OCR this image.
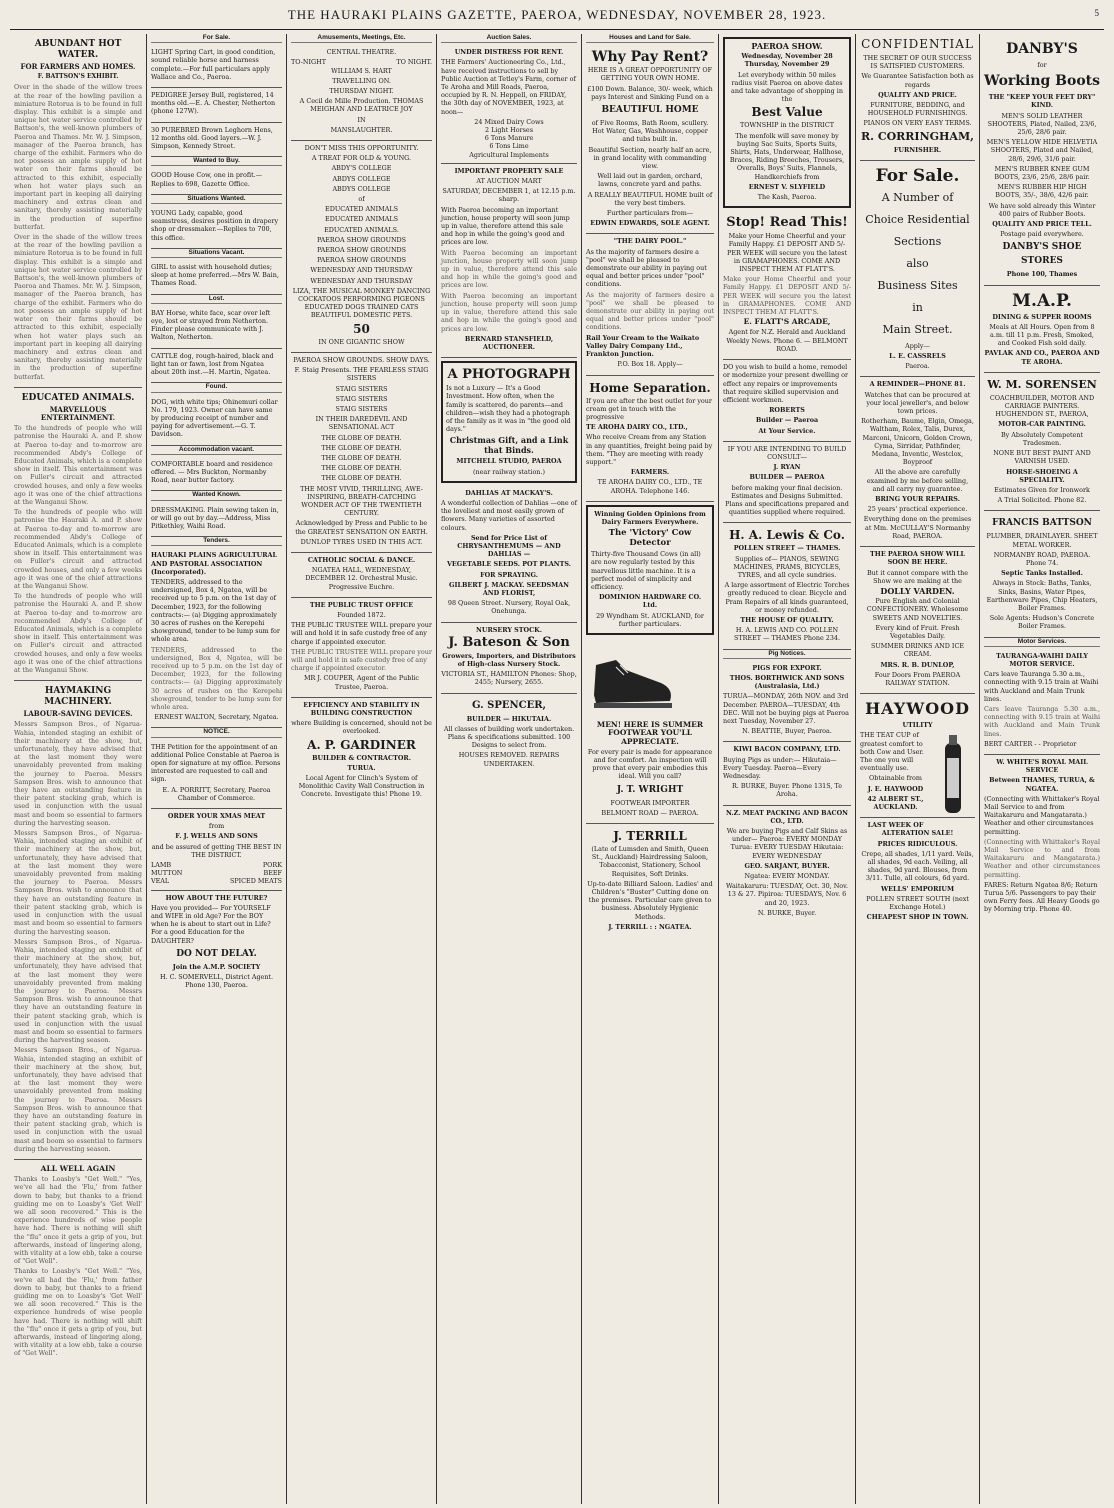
THE HAURAKI PLAINS GAZETTE, PAEROA, WEDNESDAY, NOVEMBER 28, 1923.	5
ABUNDANT HOT WATER.
FOR FARMERS AND HOMES.
F. BATTSON'S EXHIBIT.

Over in the shade of the willow trees at the rear of the bowling pavilion a miniature Rotorua is to be found in full display. This exhibit is a simple and unique hot water service controlled by Battson's, the well-known plumbers of Paeroa and Thames. Mr. W. J. Simpson, manager of the Paeroa branch, has charge of the exhibit. Farmers who do not possess an ample supply of hot water on their farms should be attracted to this exhibit, especially when hot water plays such an important part in keeping all dairying machinery and extras clean and sanitary, thereby assisting materially in the production of superfine butterfat.

Over in the shade of the willow trees at the rear of the bowling pavilion a miniature Rotorua is to be found in full display. This exhibit is a simple and unique hot water service controlled by Battson's, the well-known plumbers of Paeroa and Thames. Mr. W. J. Simpson, manager of the Paeroa branch, has charge of the exhibit. Farmers who do not possess an ample supply of hot water on their farms should be attracted to this exhibit, especially when hot water plays such an important part in keeping all dairying machinery and extras clean and sanitary, thereby assisting materially in the production of superfine butterfat.

EDUCATED ANIMALS.
MARVELLOUS ENTERTAINMENT.

To the hundreds of people who will patronise the Hauraki A. and P. show at Paeroa to-day and to-morrow are recommended Abdy's College of Educated Animals, which is a complete show in itself. This entertainment was on Fuller's circuit and attracted crowded houses, and only a few weeks ago it was one of the chief attractions at the Wanganui Show.

To the hundreds of people who will patronise the Hauraki A. and P. show at Paeroa to-day and to-morrow are recommended Abdy's College of Educated Animals, which is a complete show in itself. This entertainment was on Fuller's circuit and attracted crowded houses, and only a few weeks ago it was one of the chief attractions at the Wanganui Show.

To the hundreds of people who will patronise the Hauraki A. and P. show at Paeroa to-day and to-morrow are recommended Abdy's College of Educated Animals, which is a complete show in itself. This entertainment was on Fuller's circuit and attracted crowded houses, and only a few weeks ago it was one of the chief attractions at the Wanganui Show.

HAYMAKING MACHINERY.
LABOUR-SAVING DEVICES.

Messrs Sampson Bros., of Ngarua-Wahia, intended staging an exhibit of their machinery at the show, but, unfortunately, they have advised that at the last moment they were unavoidably prevented from making the journey to Paeroa. Messrs Sampson Bros. wish to announce that they have an outstanding feature in their patent stacking grab, which is used in conjunction with the usual mast and boom so essential to farmers during the harvesting season.

Messrs Sampson Bros., of Ngarua-Wahia, intended staging an exhibit of their machinery at the show, but, unfortunately, they have advised that at the last moment they were unavoidably prevented from making the journey to Paeroa. Messrs Sampson Bros. wish to announce that they have an outstanding feature in their patent stacking grab, which is used in conjunction with the usual mast and boom so essential to farmers during the harvesting season.

Messrs Sampson Bros., of Ngarua-Wahia, intended staging an exhibit of their machinery at the show, but, unfortunately, they have advised that at the last moment they were unavoidably prevented from making the journey to Paeroa. Messrs Sampson Bros. wish to announce that they have an outstanding feature in their patent stacking grab, which is used in conjunction with the usual mast and boom so essential to farmers during the harvesting season.

Messrs Sampson Bros., of Ngarua-Wahia, intended staging an exhibit of their machinery at the show, but, unfortunately, they have advised that at the last moment they were unavoidably prevented from making the journey to Paeroa. Messrs Sampson Bros. wish to announce that they have an outstanding feature in their patent stacking grab, which is used in conjunction with the usual mast and boom so essential to farmers during the harvesting season.

ALL WELL AGAIN

Thanks to Loasby's "Get Well." "Yes, we've all had the 'Flu,' from father down to baby, but thanks to a friend guiding me on to Loasby's 'Get Well' we all soon recovered." This is the experience hundreds of wise people have had. There is nothing will shift the "flu" once it gets a grip of you, but afterwards, instead of lingering along, with vitality at a low ebb, take a course of "Get Well".

Thanks to Loasby's "Get Well." "Yes, we've all had the 'Flu,' from father down to baby, but thanks to a friend guiding me on to Loasby's 'Get Well' we all soon recovered." This is the experience hundreds of wise people have had. There is nothing will shift the "flu" once it gets a grip of you, but afterwards, instead of lingering along, with vitality at a low ebb, take a course of "Get Well".

For Sale.

LIGHT Spring Cart, in good condition, sound reliable horse and harness complete.—For full particulars apply Wallace and Co., Paeroa.

PEDIGREE Jersey Bull, registered, 14 months old.—E. A. Chester, Netherton (phone 127W).

30 PUREBRED Brown Leghorn Hens, 12 months old. Good layers.—W. J. Simpson, Kennedy Street.

Wanted to Buy.

GOOD House Cow, one in profit.— Replies to 698, Gazette Office.

Situations Wanted.

YOUNG Lady, capable, good seamstress, desires position in drapery shop or dressmaker.—Replies to 700, this office.

Situations Vacant.

GIRL to assist with household duties; sleep at home preferred.—Mrs W. Bain, Thames Road.

Lost.

BAY Horse, white face, scar over left eye, lost or strayed from Netherton. Finder please communicate with J. Walton, Netherton.

CATTLE dog, rough-haired, black and light tan or fawn, lost from Ngatea about 20th inst.—H. Martin, Ngatea.

Found.

DOG, with white tips; Ohinemuri collar No. 179, 1923. Owner can have same by producing receipt of number and paying for advertisement.—G. T. Davidson.

Accommodation vacant.

COMFORTABLE board and residence offered. — Mrs Buckton, Normanby Road, near butter factory.

Wanted Known.

DRESSMAKING. Plain sewing taken in, or will go out by day.—Address, Miss Pitkethley, Waihi Road.

Tenders.

HAURAKI PLAINS AGRICULTURAL AND PASTORAL ASSOCIATION (Incorporated).

TENDERS, addressed to the undersigned, Box 4, Ngatea, will be received up to 5 p.m. on the 1st day of December, 1923, for the following contracts:— (a) Digging approximately 30 acres of rushes on the Kerepehi showground, tender to be lump sum for whole area.

TENDERS, addressed to the undersigned, Box 4, Ngatea, will be received up to 5 p.m. on the 1st day of December, 1923, for the following contracts:— (a) Digging approximately 30 acres of rushes on the Kerepehi showground, tender to be lump sum for whole area.

ERNEST WALTON, Secretary, Ngatea.

NOTICE.

THE Petition for the appointment of an additional Police Constable at Paeroa is open for signature at my office. Persons interested are requested to call and sign.

E. A. PORRITT, Secretary, Paeroa Chamber of Commerce.

ORDER YOUR XMAS MEAT

from

F. J. WELLS AND SONS

and be assured of getting THE BEST IN THE DISTRICT.

LAMB	PORK
MUTTON	BEEF
VEAL	SPICED MEATS

HOW ABOUT THE FUTURE?

Have you provided— For YOURSELF and WIFE in old Age? For the BOY when he is about to start out in Life? For a good Education for the DAUGHTER?

DO NOT DELAY.

Join the A.M.P. SOCIETY

H. C. SOMERVELL, District Agent. Phone 130, Paeroa.

Amusements, Meetings, Etc.

CENTRAL THEATRE.

TO-NIGHT	TO NIGHT.

WILLIAM S. HART

TRAVELLING ON.

THURSDAY NIGHT.

A Cecil de Mille Production. THOMAS MEIGHAN AND LEATRICE JOY

IN

MANSLAUGHTER.

DON'T MISS THIS OPPORTUNITY.

A TREAT FOR OLD & YOUNG.

ABDY'S COLLEGE

ABDYS COLLEGE

ABDYS COLLEGE

of

EDUCATED ANIMALS

EDUCATED ANIMALS

EDUCATED ANIMALS.

PAEROA SHOW GROUNDS

PAEROA SHOW GROUNDS

PAEROA SHOW GROUNDS

WEDNESDAY AND THURSDAY

WEDNESDAY AND THURSDAY

LIZA, THE MUSICAL MONKEY DANCING COCKATOOS PERFORMING PIGEONS EDUCATED DOGS TRAINED CATS BEAUTIFUL DOMESTIC PETS.

50

IN ONE GIGANTIC SHOW

PAEROA SHOW GROUNDS. SHOW DAYS.

F. Staig Presents. THE FEARLESS STAIG SISTERS

STAIG SISTERS

STAIG SISTERS

STAIG SISTERS

IN THEIR DAREDEVIL AND SENSATIONAL ACT

THE GLOBE OF DEATH.

THE GLOBE OF DEATH.

THE GLOBE OF DEATH.

THE GLOBE OF DEATH.

THE GLOBE OF DEATH.

THE MOST VIVID, THRILLING, AWE-INSPIRING, BREATH-CATCHING WONDER ACT OF THE TWENTIETH CENTURY.

Acknowledged by Press and Public to be the GREATEST SENSATION ON EARTH.

DUNLOP TYRES USED IN THIS ACT.

CATHOLIC SOCIAL & DANCE.

NGATEA HALL, WEDNESDAY, DECEMBER 12. Orchestral Music. Progressive Euchre.

THE PUBLIC TRUST OFFICE

Founded 1872.

THE PUBLIC TRUSTEE WILL prepare your will and hold it in safe custody free of any charge if appointed executor.

THE PUBLIC TRUSTEE WILL prepare your will and hold it in safe custody free of any charge if appointed executor.

MR J. COUPER, Agent of the Public Trustee, Paeroa.

EFFICIENCY AND STABILITY IN BUILDING CONSTRUCTION

where Building is concerned, should not be overlooked.

A. P. GARDINER

BUILDER & CONTRACTOR.

TURUA.

Local Agent for Clinch's System of Monolithic Cavity Wall Construction in Concrete. Investigate this! Phone 19.

Auction Sales.

UNDER DISTRESS FOR RENT.

THE Farmers' Auctioneering Co., Ltd., have received instructions to sell by Public Auction at Tetley's Farm, corner of Te Aroha and Mill Roads, Paeroa, occupied by R. N. Heppell, on FRIDAY, the 30th day of NOVEMBER, 1923, at noon—

24 Mixed Dairy Cows
2 Light Horses
6 Tons Manure
6 Tons Lime
Agricultural Implements

IMPORTANT PROPERTY SALE

AT AUCTION MART

SATURDAY, DECEMBER 1, at 12.15 p.m. sharp.

With Paeroa becoming an important junction, house property will soon jump up in value, therefore attend this sale and hop in while the going's good and prices are low.

With Paeroa becoming an important junction, house property will soon jump up in value, therefore attend this sale and hop in while the going's good and prices are low.

With Paeroa becoming an important junction, house property will soon jump up in value, therefore attend this sale and hop in while the going's good and prices are low.

BERNARD STANSFIELD, AUCTIONEER.

A PHOTOGRAPH

Is not a Luxury — It's a Good Investment. How often, when the family is scattered, do parents—and children—wish they had a photograph of the family as it was in "the good old days."

Christmas Gift, and a Link that Binds.

MITCHELL STUDIO, PAEROA

(near railway station.)

DAHLIAS AT MACKAY'S.

A wonderful collection of Dahlias —one of the loveliest and most easily grown of flowers. Many varieties of assorted colours.

Send for Price List of CHRYSANTHEMUMS — AND DAHLIAS —

VEGETABLE SEEDS. POT PLANTS.

FOR SPRAYING.

GILBERT J. MACKAY. SEEDSMAN AND FLORIST,

98 Queen Street. Nursery, Royal Oak, Onehunga.

NURSERY STOCK.

J. Bateson & Son

Growers, Importers, and Distributors of High-class Nursery Stock.

VICTORIA ST., HAMILTON Phones: Shop, 2455; Nursery, 2655.

G. SPENCER,

BUILDER — HIKUTAIA.

All classes of building work undertaken. Plans & specifications submitted. 100 Designs to select from.

HOUSES REMOVED. REPAIRS UNDERTAKEN.

Houses and Land for Sale.

Why Pay Rent?

HERE IS A GREAT OPPORTUNITY OF GETTING YOUR OWN HOME.

£100 Down. Balance, 30/- week, which pays Interest and Sinking Fund on a

BEAUTIFUL HOME

of Five Rooms, Bath Room, scullery. Hot Water, Gas, Washhouse, copper and tubs built in.

Beautiful Section, nearly half an acre, in grand locality with commanding view.

Well laid out in garden, orchard, lawns, concrete yard and paths.

A REALLY BEAUTIFUL HOME built of the very best timbers.

Further particulars from—

EDWIN EDWARDS, SOLE AGENT.

"THE DAIRY POOL."

As the majority of farmers desire a "pool" we shall be pleased to demonstrate our ability in paying out equal and better prices under "pool" conditions.

As the majority of farmers desire a "pool" we shall be pleased to demonstrate our ability in paying out equal and better prices under "pool" conditions.

Rail Your Cream to the Waikato Valley Dairy Company Ltd., Frankton Junction.

P.O. Box 18. Apply—

Home Separation.

If you are after the best outlet for your cream get in touch with the progressive

TE AROHA DAIRY CO., LTD.,

Who receive Cream from any Station in any quantities, freight being paid by them. "They are meeting with ready support."

FARMERS.

TE AROHA DAIRY CO., LTD., TE AROHA. Telephone 146.

Winning Golden Opinions from Dairy Farmers Everywhere.

The 'Victory' Cow Detector

Thirty-five Thousand Cows (in all) are now regularly tested by this marvellous little machine. It is a perfect model of simplicity and efficiency.

DOMINION HARDWARE CO. Ltd.

29 Wyndham St. AUCKLAND, for further particulars.

MEN! HERE IS SUMMER FOOTWEAR YOU'LL APPRECIATE.

For every pair is made for appearance and for comfort. An inspection will prove that every pair embodies this ideal. Will you call?

J. T. WRIGHT

FOOTWEAR IMPORTER

BELMONT ROAD — PAEROA.

J. TERRILL

(Late of Lumsden and Smith, Queen St., Auckland) Hairdressing Saloon, Tobacconist, Stationery, School Requisites, Soft Drinks.

Up-to-date Billiard Saloon. Ladies' and Children's "Buster" Cutting done on the premises. Particular care given to business. Absolutely Hygienic Methods.

J. TERRILL : : NGATEA.

PAEROA SHOW.

Wednesday, November 28 Thursday, November 29

Let everybody within 50 miles radius visit Paeroa on above dates and take advantage of shopping in the

Best Value

TOWNSHIP in the DISTRICT

The menfolk will save money by buying Sac Suits, Sports Suits, Shirts, Hats, Underwear, Hallhose, Braces, Riding Breeches, Trousers, Overalls, Boys' Suits, Flannels, Handkerchiefs from

ERNEST V. SLYFIELD

The Kash, Paeroa.

Stop! Read This!

Make your Home Cheerful and your Family Happy. £1 DEPOSIT AND 5/- PER WEEK will secure you the latest in GRAMAPHONES. COME AND INSPECT THEM AT FLATT'S.

Make your Home Cheerful and your Family Happy. £1 DEPOSIT AND 5/- PER WEEK will secure you the latest in GRAMAPHONES. COME AND INSPECT THEM AT FLATT'S.

E. FLATT'S ARCADE,

Agent for N.Z. Herald and Auckland Weekly News. Phone 6. — BELMONT ROAD.

DO you wish to build a home, remodel or modernize your present dwelling or effect any repairs or improvements that require skilled supervision and efficient workmen.

ROBERTS

Builder — Paeroa

At Your Service.

IF YOU ARE INTENDING TO BUILD CONSULT—

J. RYAN

BUILDER — PAEROA

before making your final decision. Estimates and Designs Submitted. Plans and specifications prepared and quantities supplied where required.

H. A. Lewis & Co.

POLLEN STREET — THAMES.

Supplies of— PIANOS, SEWING MACHINES, PRAMS, BICYCLES, TYRES, and all cycle sundries.

A large assortment of Electric Torches greatly reduced to clear. Bicycle and Pram Repairs of all kinds guaranteed, or money refunded.

THE HOUSE OF QUALITY.

H. A. LEWIS AND CO. POLLEN STREET — THAMES Phone 234.

Pig Notices.

PIGS FOR EXPORT.

THOS. BORTHWICK AND SONS (Australasia, Ltd.)

TURUA—MONDAY, 26th NOV. and 3rd December. PAEROA—TUESDAY, 4th DEC. Will not be buying pigs at Paeroa next Tuesday, November 27.

N. BEATTIE, Buyer, Paeroa.

KIWI BACON COMPANY, LTD.

Buying Pigs as under:— Hikutaia—Every Tuesday. Paeroa—Every Wednesday.

R. BURKE, Buyer. Phone 131S, Te Aroha.

N.Z. MEAT PACKING AND BACON CO., LTD.

We are buying Pigs and Calf Skins as under— Paeroa: EVERY MONDAY Turua: EVERY TUESDAY Hikutaia: EVERY WEDNESDAY

GEO. SARJANT, BUYER.

Ngatea: EVERY MONDAY.

Waitakaruru: TUESDAY, Oct. 30, Nov. 13 & 27. Pipiroa: TUESDAYS, Nov. 6 and 20, 1923.

N. BURKE, Buyer.

CONFIDENTIAL

THE SECRET OF OUR SUCCESS IS SATISFIED CUSTOMERS.

We Guarantee Satisfaction both as regards

QUALITY AND PRICE.

FURNITURE, BEDDING, and HOUSEHOLD FURNISHINGS.

PIANOS ON VERY EASY TERMS.

R. CORRINGHAM,

FURNISHER.

For Sale.

A Number of

Choice Residential

Sections

also

Business Sites

in

Main Street.

Apply—

L. E. CASSRELS

Paeroa.

A REMINDER—PHONE 81.

Watches that can be procured at your local jeweller's, and below town prices.

Rotherham, Baume, Elgin, Omega, Waltham, Rolex, Talis, Durex, Marconi, Unicorn, Golden Crown, Cyma, Sirridar, Pathfinder, Medana, Inventic, Westclox, Boyproof

All the above are carefully examined by me before selling, and all carry my guarantee.

BRING YOUR REPAIRS.

25 years' practical experience.

Everything done on the premises at Mm. McCULLAY'S Normanby Road, PAEROA.

THE PAEROA SHOW WILL SOON BE HERE.

But it cannot compare with the Show we are making at the

DOLLY VARDEN.

Pure English and Colonial CONFECTIONERY. Wholesome SWEETS AND NOVELTIES.

Every kind of Fruit. Fresh Vegetables Daily.

SUMMER DRINKS AND ICE CREAM.

MRS. R. B. DUNLOP,

Four Doors From PAEROA RAILWAY STATION.

HAYWOOD

UTILITY

THE TEAT CUP of greatest comfort to both Cow and User. The one you will eventually use.

Obtainable from

J. E. HAYWOOD

42 ALBERT ST., AUCKLAND.

LAST WEEK OF ALTERATION SALE!

PRICES RIDICULOUS.

Crepe, all shades, 1/11 yard. Veils, all shades, 9d each. Veiling, all shades, 9d yard. Blouses, from 3/11. Tulle, all colours, 6d yard.

WELLS' EMPORIUM

POLLEN STREET SOUTH (next Exchange Hotel.)

CHEAPEST SHOP IN TOWN.

DANBY'S

for

Working Boots

THE "KEEP YOUR FEET DRY" KIND.

MEN'S SOLID LEATHER SHOOTERS, Plated, Nailed, 23/6, 25/6, 28/6 pair.

MEN'S YELLOW HIDE HELVETIA SHOOTERS, Plated and Nailed, 28/6, 29/6, 31/6 pair.

MEN'S RUBBER KNEE GUM BOOTS, 23/6, 25/6, 28/6 pair.

MEN'S RUBBER HIP HIGH BOOTS, 35/-, 38/6, 42/6 pair.

We have sold already this Winter 400 pairs of Rubber Boots.

QUALITY AND PRICE TELL.

Postage paid everywhere.

DANBY'S SHOE STORES

Phone 100, Thames

M.A.P.

DINING & SUPPER ROOMS

Meals at All Hours. Open from 8 a.m. till 11 p.m. Fresh, Smoked, and Cooked Fish sold daily.

PAVLAK AND CO., PAEROA AND TE AROHA.

W. M. SORENSEN

COACHBUILDER, MOTOR AND CARRIAGE PAINTERS. HUGHENDON ST., PAEROA,

MOTOR-CAR PAINTING.

By Absolutely Competent Tradesmen.

NONE BUT BEST PAINT AND VARNISH USED.

HORSE-SHOEING A SPECIALITY.

Estimates Given for Ironwork

A Trial Solicited. Phone 82.

FRANCIS BATTSON

PLUMBER, DRAINLAYER. SHEET METAL WORKER.

NORMANBY ROAD, PAEROA. Phone 74.

Septic Tanks Installed.

Always in Stock: Baths, Tanks, Sinks, Basins, Water Pipes, Earthenware Pipes, Chip Heaters, Boiler Frames.

Sole Agents: Hudson's Concrete Boiler Frames.

Motor Services.

TAURANGA-WAIHI DAILY MOTOR SERVICE.

Cars leave Tauranga 5.30 a.m., connecting with 9.15 train at Waihi with Auckland and Main Trunk lines.

Cars leave Tauranga 5.30 a.m., connecting with 9.15 train at Waihi with Auckland and Main Trunk lines.

BERT CARTER - - Proprietor

W. WHITE'S ROYAL MAIL SERVICE

Between THAMES, TURUA, & NGATEA.

(Connecting with Whittaker's Royal Mail Service to and from Waitakaruru and Mangatarata.) Weather and other circumstances permitting.

(Connecting with Whittaker's Royal Mail Service to and from Waitakaruru and Mangatarata.) Weather and other circumstances permitting.

FARES: Return Ngatea 8/6; Return Turua 5/6. Passengers to pay their own Ferry fees. All Heavy Goods go by Morning trip. Phone 40.
